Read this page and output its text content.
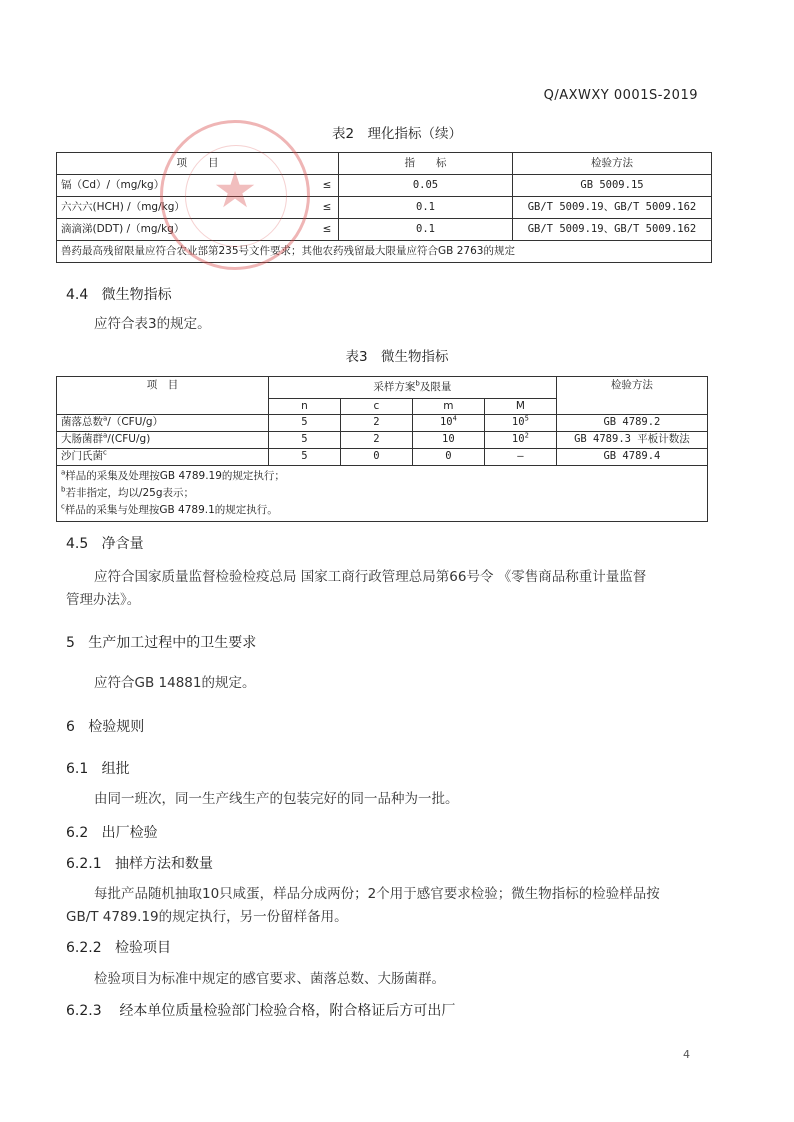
Q/AXWXY 0001S-2019
表2　理化指标（续）
项　　目		指　　标	检验方法
镉（Cd）/（mg/kg）	≤	0.05	GB 5009.15
六六六(HCH) /（mg/kg）	≤	0.1	GB/T 5009.19、GB/T 5009.162
滴滴涕(DDT) /（mg/kg）	≤	0.1	GB/T 5009.19、GB/T 5009.162
兽药最高残留限量应符合农业部第235号文件要求；其他农药残留最大限量应符合GB 2763的规定			
★
4.4 微生物指标
应符合表3的规定。
表3　微生物指标
项　目	采样方案$^b$及限量				检验方法
	n	c	m	M	
菌落总数$^a$/（CFU/g）	5	2	$10^4$	$10^5$	GB 4789.2
大肠菌群$^a$/(CFU/g)	5	2	10	$10^2$	GB 4789.3 平板计数法
沙门氏菌$^c$	5	0	0	—	GB 4789.4

$^a$样品的采集及处理按GB 4789.19的规定执行；
$^b$若非指定，均以/25g表示；
$^c$样品的采集与处理按GB 4789.1的规定执行。					
4.5 净含量
应符合国家质量监督检验检疫总局 国家工商行政管理总局第66号令 《零售商品称重计量监督
管理办法》。
5 生产加工过程中的卫生要求
应符合GB 14881的规定。
6 检验规则
6.1 组批
由同一班次，同一生产线生产的包装完好的同一品种为一批。
6.2 出厂检验
6.2.1 抽样方法和数量
每批产品随机抽取10只咸蛋，样品分成两份；2个用于感官要求检验；微生物指标的检验样品按
GB/T 4789.19的规定执行，另一份留样备用。
6.2.2 检验项目
检验项目为标准中规定的感官要求、菌落总数、大肠菌群。
6.2.3 经本单位质量检验部门检验合格，附合格证后方可出厂
4
